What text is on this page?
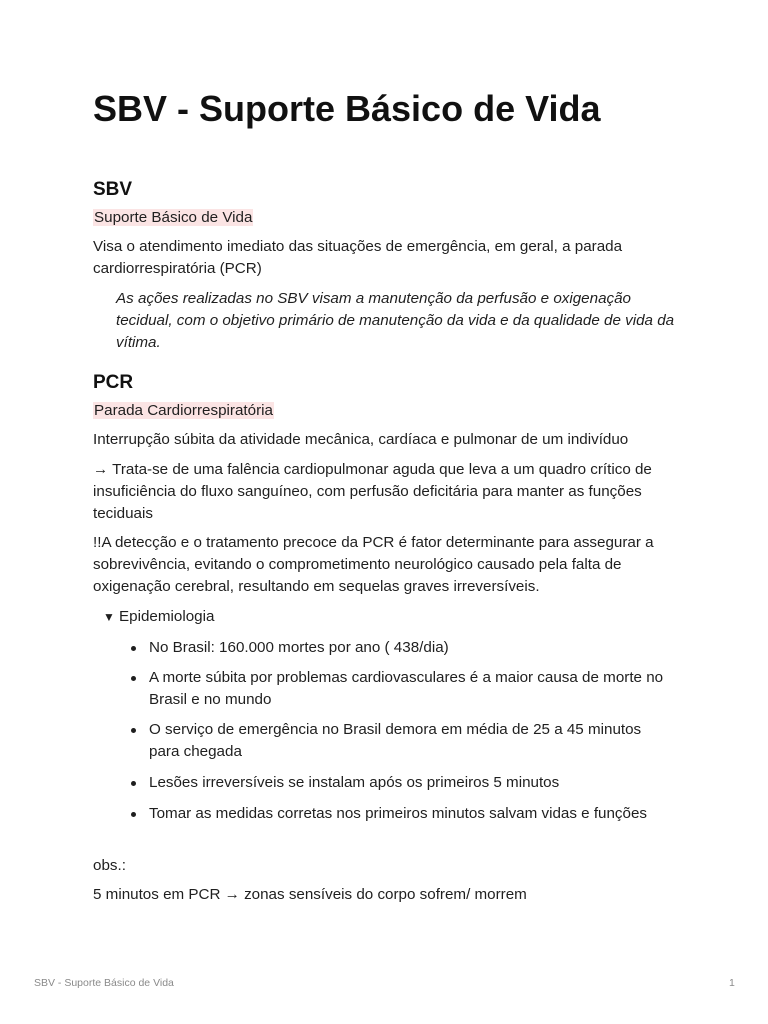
SBV - Suporte Básico de Vida
SBV

Suporte Básico de Vida

Visa o atendimento imediato das situações de emergência, em geral, a parada cardiorrespiratória (PCR)

As ações realizadas no SBV visam a manutenção da perfusão e oxigenação tecidual, com o objetivo primário de manutenção da vida e da qualidade de vida da vítima.

PCR

Parada Cardiorrespiratória

Interrupção súbita da atividade mecânica, cardíaca e pulmonar de um indivíduo

→ Trata-se de uma falência cardiopulmonar aguda que leva a um quadro crítico de insuficiência do fluxo sanguíneo, com perfusão deficitária para manter as funções teciduais

!!A detecção e o tratamento precoce da PCR é fator determinante para assegurar a sobrevivência, evitando o comprometimento neurológico causado pela falta de oxigenação cerebral, resultando em sequelas graves irreversíveis.

▼ Epidemiologia

No Brasil: 160.000 mortes por ano ( 438/dia)

A morte súbita por problemas cardiovasculares é a maior causa de morte no Brasil e no mundo

O serviço de emergência no Brasil demora em média de 25 a 45 minutos para chegada

Lesões irreversíveis se instalam após os primeiros 5 minutos

Tomar as medidas corretas nos primeiros minutos salvam vidas e funções

obs.:

5 minutos em PCR → zonas sensíveis do corpo sofrem/ morrem

SBV - Suporte Básico de Vida	1
